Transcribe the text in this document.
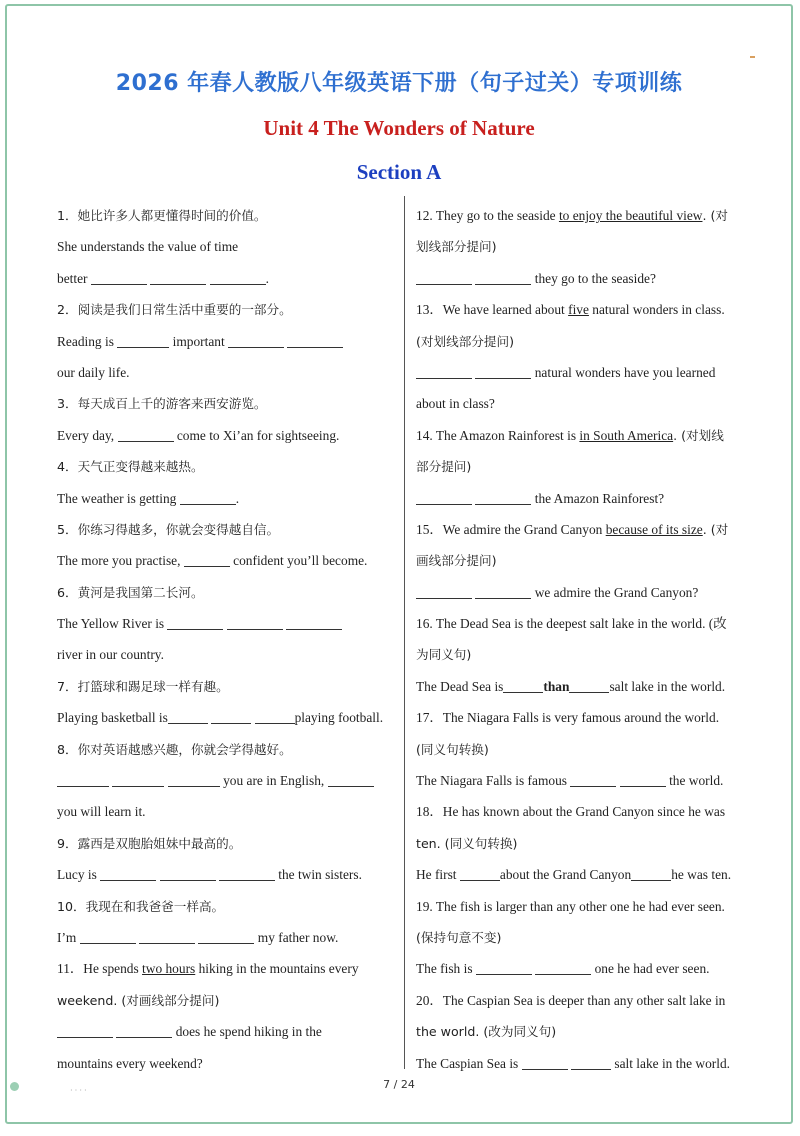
2026 年春人教版八年级英语下册（句子过关）专项训练
Unit 4 The Wonders of Nature
Section A
1．她比许多人都更懂得时间的价值。
She understands the value of time
better	.
2．阅读是我们日常生活中重要的一部分。
Reading is	important
our daily life.
3．每天成百上千的游客来西安游览。
Every day,	come to Xi’an for sightseeing.
4．天气正变得越来越热。
The weather is getting	.
5．你练习得越多，你就会变得越自信。
The more you practise,	confident you’ll become.
6．黄河是我国第二长河。
The Yellow River is
river in our country.
7．打篮球和踢足球一样有趣。
Playing basketball is	playing football.
8．你对英语越感兴趣，你就会学得越好。
you are in English,
you will learn it.
9．露西是双胞胎姐妹中最高的。
Lucy is	the twin sisters.
10．我现在和我爸爸一样高。
I’m	my father now.
11．He spends two hours hiking in the mountains every
weekend. (对画线部分提问)
does he spend hiking in the
mountains every weekend?
12. They go to the seaside to enjoy the beautiful view. (对
划线部分提问)
they go to the seaside?
13．We have learned about five natural wonders in class.
(对划线部分提问)
natural wonders have you learned
about in class?
14. The Amazon Rainforest is in South America. (对划线
部分提问)
the Amazon Rainforest?
15．We admire the Grand Canyon because of its size. (对
画线部分提问)
we admire the Grand Canyon?
16. The Dead Sea is the deepest salt lake in the world. (改
为同义句)
The Dead Sea is	than	salt lake in the world.
17．The Niagara Falls is very famous around the world.
(同义句转换)
The Niagara Falls is famous	the world.
18．He has known about the Grand Canyon since he was
ten. (同义句转换)
He first	about the Grand Canyon	he was ten.
19. The fish is larger than any other one he had ever seen.
(保持句意不变)
The fish is	one he had ever seen.
20．The Caspian Sea is deeper than any other salt lake in
the world. (改为同义句)
The Caspian Sea is	salt lake in the world.
· · · ·	7 / 24
